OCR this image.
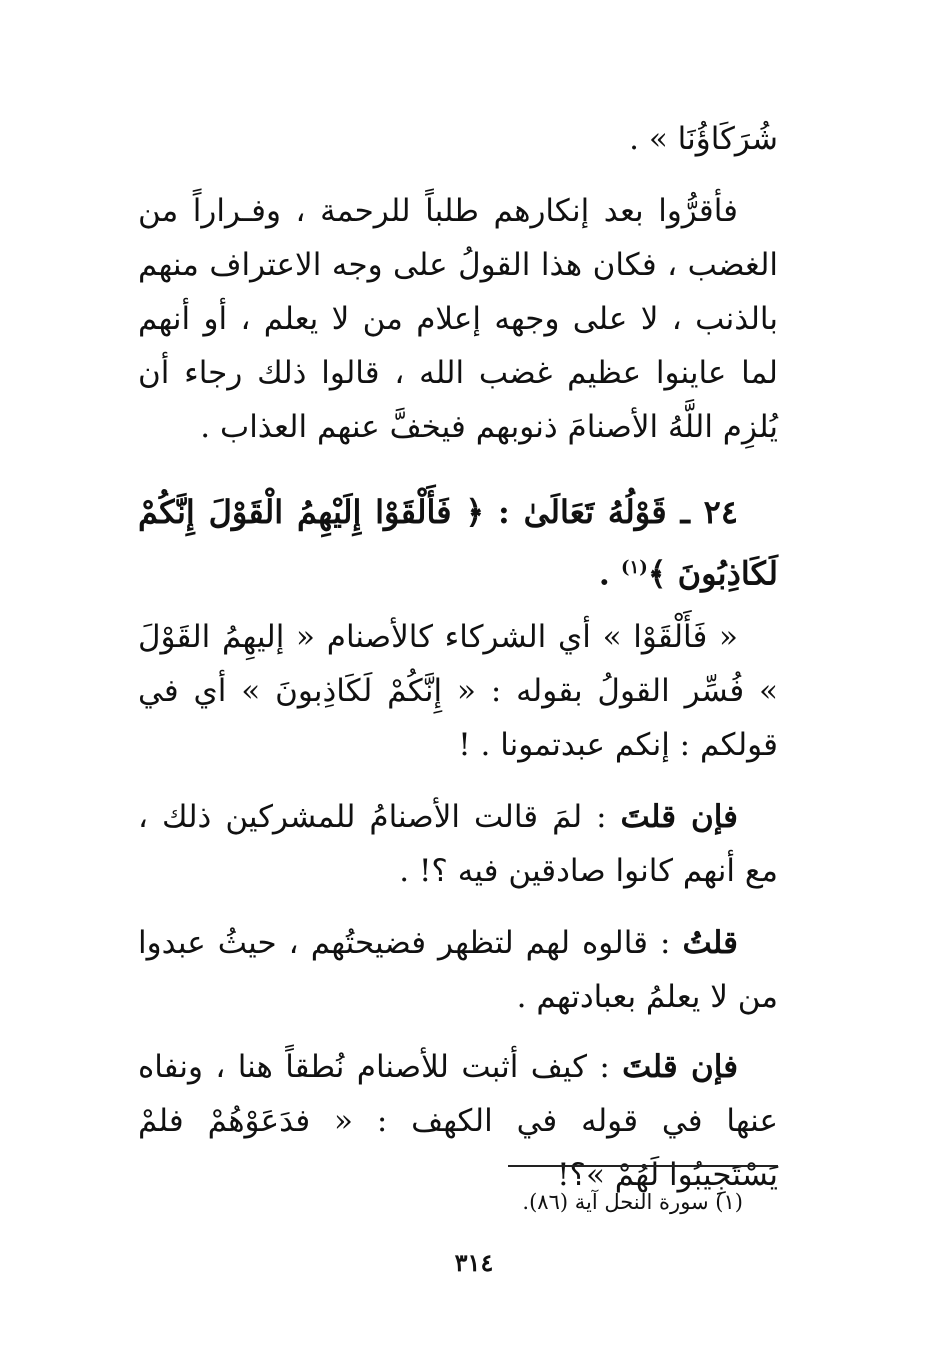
شُرَكَاؤُنَا » .

فأقرُّوا بعد إنكارهم طلباً للرحمة ، وفـراراً من الغضب ، فكان هذا القولُ على وجه الاعتراف منهم بالذنب ، لا على وجهه إعلام من لا يعلم ، أو أنهم لما عاينوا عظيم غضب الله ، قالوا ذلك رجاء أن يُلزِم اللَّهُ الأصنامَ ذنوبهم فيخفَّ عنهم العذاب .

٢٤ ـ قَوْلُهُ تَعَالَىٰ : ﴿ فَأَلْقَوْا إِلَيْهِمُ الْقَوْلَ إِنَّكُمْ لَكَاذِبُونَ ﴾$^{(١)}$ .

« فَأَلْقَوْا » أي الشركاء كالأصنام « إليهِمُ القَوْلَ » فُسِّر القولُ بقوله : « إِنَّكُمْ لَكَاذِبونَ » أي في قولكم : إنكم عبدتمونا . !

فإن قلتَ : لمَ قالت الأصنامُ للمشركين ذلك ، مع أنهم كانوا صادقين فيه ؟! .

قلتُ : قالوه لهم لتظهر فضيحتُهم ، حيثُ عبدوا من لا يعلمُ بعبادتهم .

فإن قلتَ : كيف أثبت للأصنام نُطقاً هنا ، ونفاه عنها في قوله في الكهف : « فدَعَوْهُمْ فلمْ يَسْتَجِيبُوا لَهُمْ »؟!

(١) سورة النحل آية (٨٦).

٣١٤
